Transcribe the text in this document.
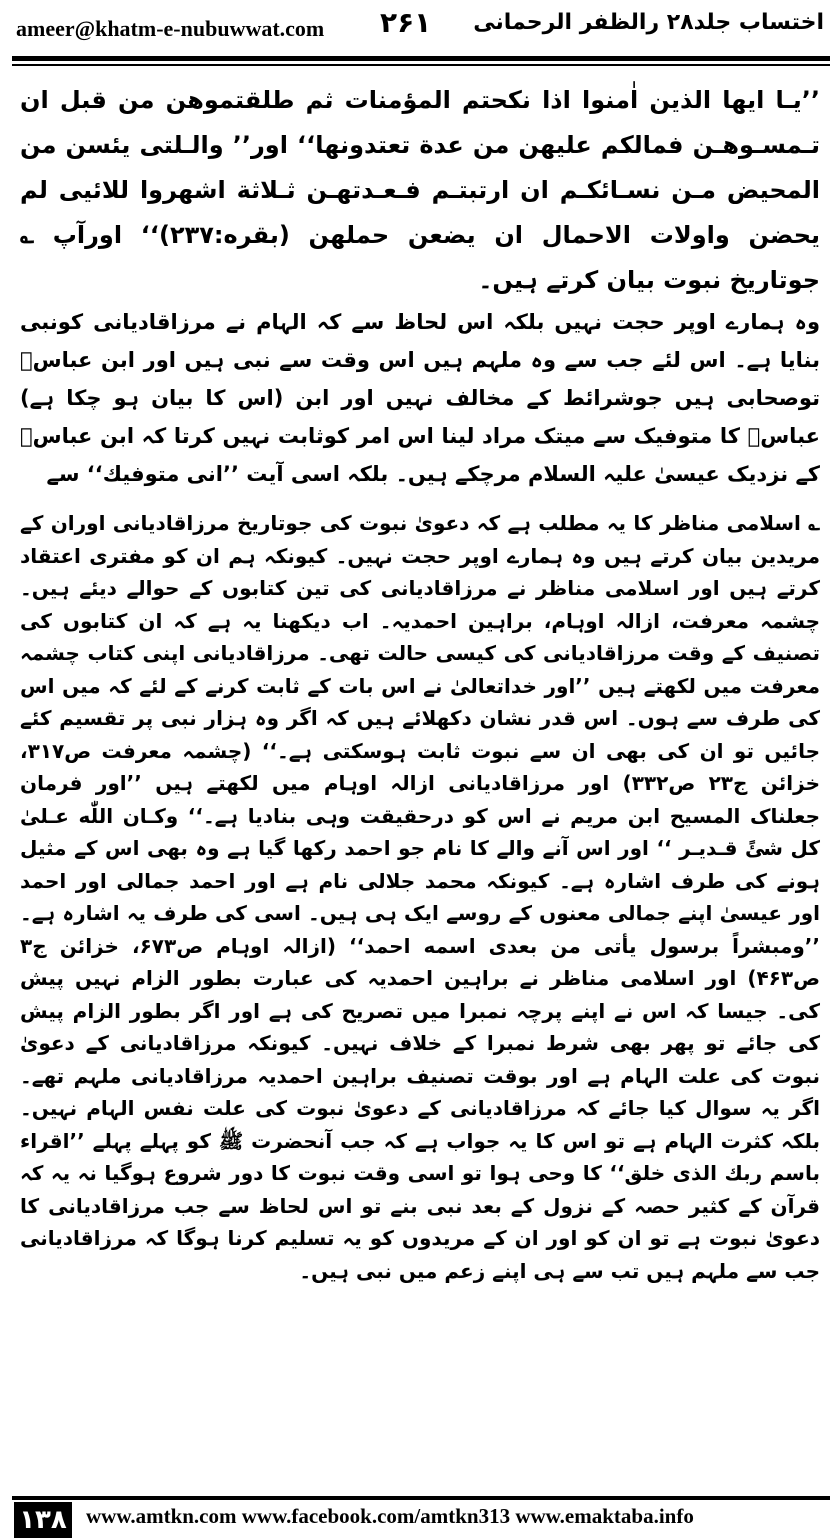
ameer@khatm-e-nubuwwat.com ۲۶۱ اختساب جلد۲۸ رالظفر الرحمانی

’’یـا ایها الذین اٰمنوا اذا نکحتم المؤمنات ثم طلقتموهن من قبل ان تـمسـوهـن فمالکم علیهن من عدة تعتدونها‘‘ اور’’ والـلتی یئسن من المحیض مـن نسـائکـم ان ارتبتـم فـعـدتهـن ثـلاثة اشهروا للائیی لم یحضن واولات الاحمال ان یضعن حملهن (بقره:۲۳۷)‘‘ اورآپ ؎ جوتاریخ نبوت بیان کرتے ہیں۔

وہ ہمارے اوپر حجت نہیں بلکہ اس لحاظ سے کہ الہام نے مرزاقادیانی کونبی بنایا ہے۔ اس لئے جب سے وہ ملہم ہیں اس وقت سے نبی ہیں اور ابن عباسؓ توصحابی ہیں جوشرائط کے مخالف نہیں اور ابن (اس کا بیان ہو چکا ہے) عباسؓ کا متوفیک سے میتک مراد لینا اس امر کوثابت نہیں کرتا کہ ابن عباسؓ کے نزدیک عیسیٰ علیہ السلام مرچکے ہیں۔ بلکہ اسی آیت ’’انی متوفیك‘‘ سے

؎ اسلامی مناظر کا یہ مطلب ہے کہ دعویٰ نبوت کی جوتاریخ مرزاقادیانی اوران کے مریدین بیان کرتے ہیں وہ ہمارے اوپر حجت نہیں۔ کیونکہ ہم ان کو مفتری اعتقاد کرتے ہیں اور اسلامی مناظر نے مرزاقادیانی کی تین کتابوں کے حوالے دیئے ہیں۔ چشمہ معرفت، ازالہ اوہام، براہین احمدیہ۔ اب دیکھنا یہ ہے کہ ان کتابوں کی تصنیف کے وقت مرزاقادیانی کی کیسی حالت تھی۔ مرزاقادیانی اپنی کتاب چشمہ معرفت میں لکھتے ہیں ’’اور خداتعالیٰ نے اس بات کے ثابت کرنے کے لئے کہ میں اس کی طرف سے ہوں۔ اس قدر نشان دکھلائے ہیں کہ اگر وہ ہزار نبی پر تقسیم کئے جائیں تو ان کی بھی ان سے نبوت ثابت ہوسکتی ہے۔‘‘ (چشمہ معرفت ص۳۱۷، خزائن ج۲۳ ص۳۳۲) اور مرزاقادیانی ازالہ اوہام میں لکھتے ہیں ’’اور فرمان جعلناک المسیح ابن مریم نے اس کو درحقیقت وہی بنادیا ہے۔‘‘ وکـان اللّٰه عـلیٰ کل شئً قـدیـر ‘‘ اور اس آنے والے کا نام جو احمد رکھا گیا ہے وہ بھی اس کے مثیل ہونے کی طرف اشارہ ہے۔ کیونکہ محمد جلالی نام ہے اور احمد جمالی اور احمد اور عیسیٰ اپنے جمالی معنوں کے روسے ایک ہی ہیں۔ اسی کی طرف یہ اشارہ ہے۔ ’’ومبشراً برسول یأتی من بعدی اسمه احمد‘‘ (ازالہ اوہام ص۶۷۳، خزائن ج۳ ص۴۶۳) اور اسلامی مناظر نے براہین احمدیہ کی عبارت بطور الزام نہیں پیش کی۔ جیسا کہ اس نے اپنے پرچہ نمبرا میں تصریح کی ہے اور اگر بطور الزام پیش کی جائے تو پھر بھی شرط نمبرا کے خلاف نہیں۔ کیونکہ مرزاقادیانی کے دعویٰ نبوت کی علت الہام ہے اور بوقت تصنیف براہین احمدیہ مرزاقادیانی ملہم تھے۔ اگر یہ سوال کیا جائے کہ مرزاقادیانی کے دعویٰ نبوت کی علت نفس الہام نہیں۔ بلکہ کثرت الہام ہے تو اس کا یہ جواب ہے کہ جب آنحضرت ﷺ کو پہلے پہلے ’’اقراء باسم ربك الذی خلق‘‘ کا وحی ہوا تو اسی وقت نبوت کا دور شروع ہوگیا نہ یہ کہ قرآن کے کثیر حصہ کے نزول کے بعد نبی بنے تو اس لحاظ سے جب مرزاقادیانی کا دعویٰ نبوت ہے تو ان کو اور ان کے مریدوں کو یہ تسلیم کرنا ہوگا کہ مرزاقادیانی جب سے ملہم ہیں تب سے ہی اپنے زعم میں نبی ہیں۔

۱۳۸ www.amtkn.com www.facebook.com/amtkn313 www.emaktaba.info
